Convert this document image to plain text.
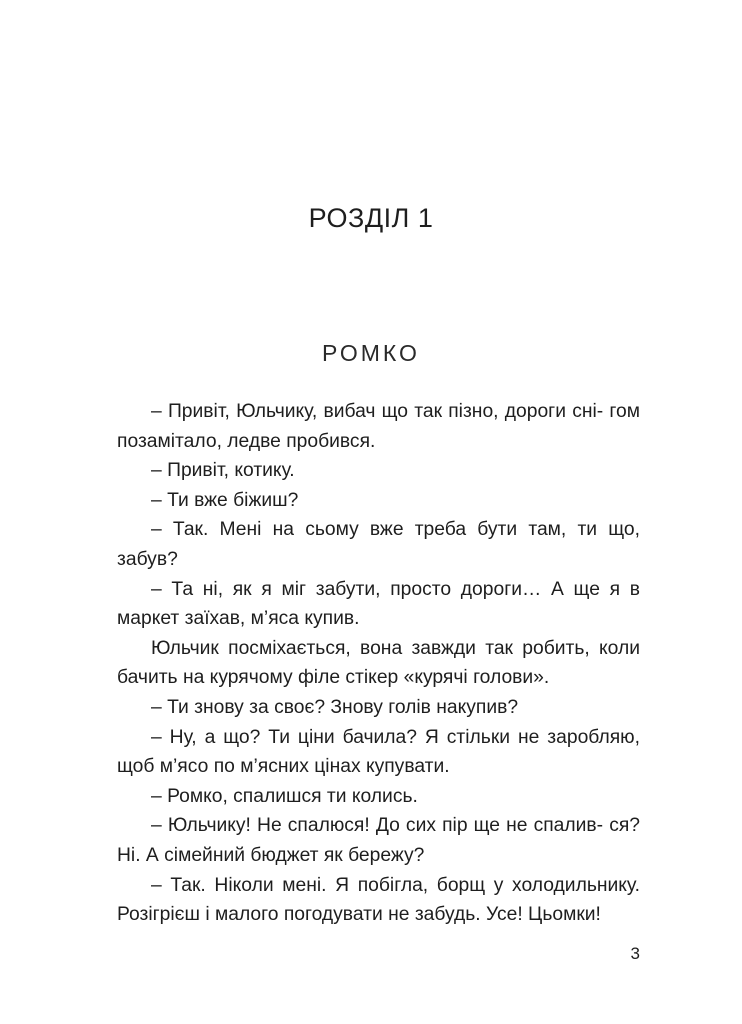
РОЗДІЛ 1
РОМКО

– Привіт, Юльчику, вибач що так пізно, дороги сні- гом позамітало, ледве пробився.

– Привіт, котику.

– Ти вже біжиш?

– Так. Мені на сьому вже треба бути там, ти що, забув?

– Та ні, як я міг забути, просто дороги… А ще я в маркет заїхав, м’яса купив.

Юльчик посміхається, вона завжди так робить, коли бачить на курячому філе стікер «курячі голови».

– Ти знову за своє? Знову голів накупив?

– Ну, а що? Ти ціни бачила? Я стільки не заробляю, щоб м’ясо по м’ясних цінах купувати.

– Ромко, спалишся ти колись.

– Юльчику! Не спалюся! До сих пір ще не спалив- ся? Ні. А сімейний бюджет як бережу?

– Так. Ніколи мені. Я побігла, борщ у холодильнику. Розігрієш і малого погодувати не забудь. Усе! Цьомки!

3
